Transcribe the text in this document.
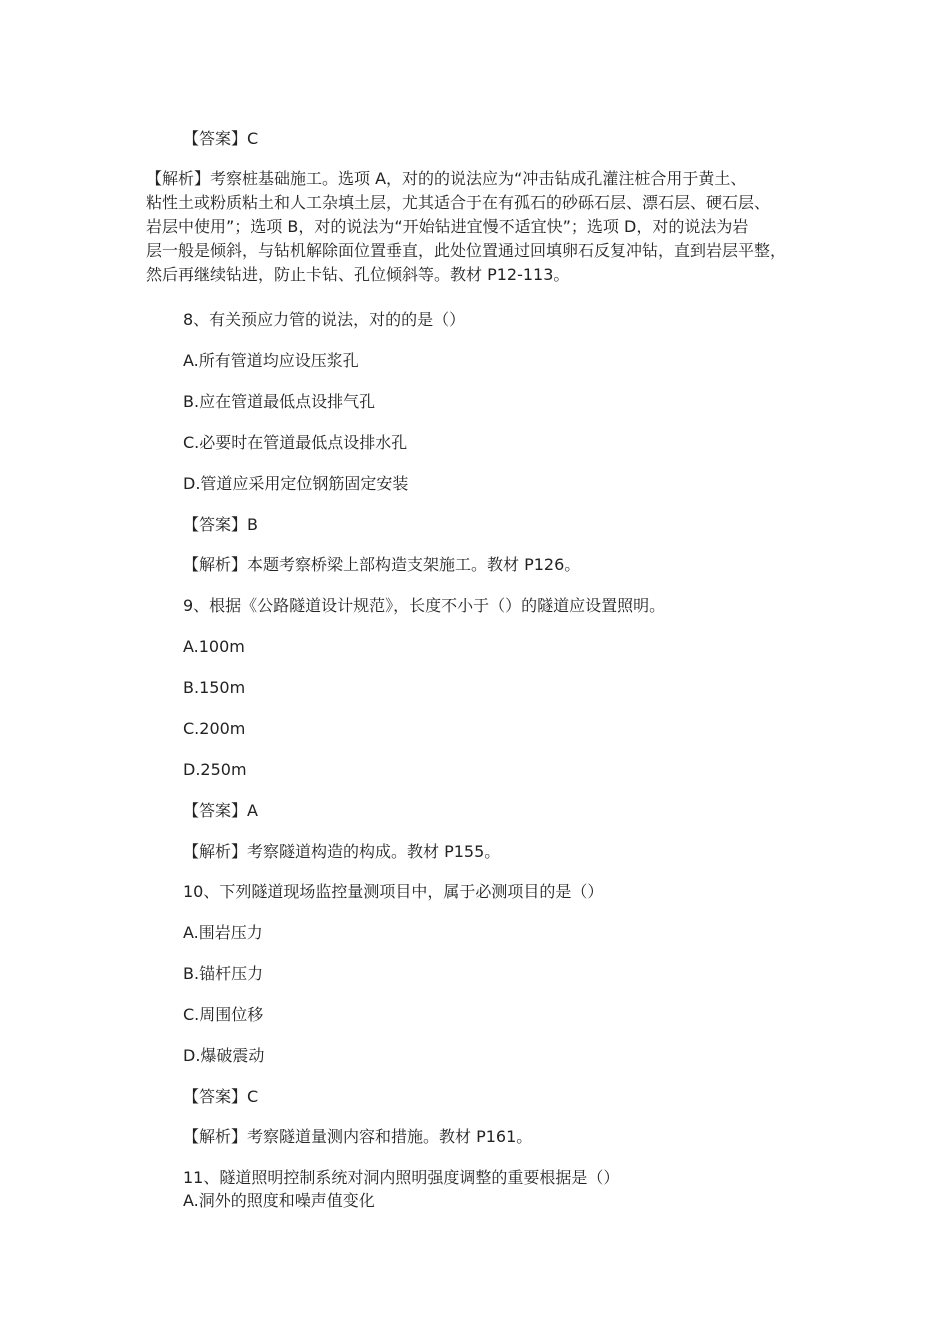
【解析】考察桩基础施工。选项 A，对的的说法应为“冲击钻成孔灌注桩合用于黄土、
粘性土或粉质粘土和人工杂填土层，尤其适合于在有孤石的砂砾石层、漂石层、硬石层、
岩层中使用”；选项 B，对的说法为“开始钻进宜慢不适宜快”；选项 D，对的说法为岩
层一般是倾斜，与钻机解除面位置垂直，此处位置通过回填卵石反复冲钻，直到岩层平整，
然后再继续钻进，防止卡钻、孔位倾斜等。教材 P12-113。
【答案】C
8、有关预应力管的说法，对的的是（）
A.所有管道均应设压浆孔
B.应在管道最低点设排气孔
C.必要时在管道最低点设排水孔
D.管道应采用定位钢筋固定安装
【答案】B
【解析】本题考察桥梁上部构造支架施工。教材 P126。
9、根据《公路隧道设计规范》，长度不小于（）的隧道应设置照明。
A.100m
B.150m
C.200m
D.250m
【答案】A
【解析】考察隧道构造的构成。教材 P155。
10、下列隧道现场监控量测项目中，属于必测项目的是（）
A.围岩压力
B.锚杆压力
C.周围位移
D.爆破震动
【答案】C
【解析】考察隧道量测内容和措施。教材 P161。
11、隧道照明控制系统对洞内照明强度调整的重要根据是（）
A.洞外的照度和噪声值变化
